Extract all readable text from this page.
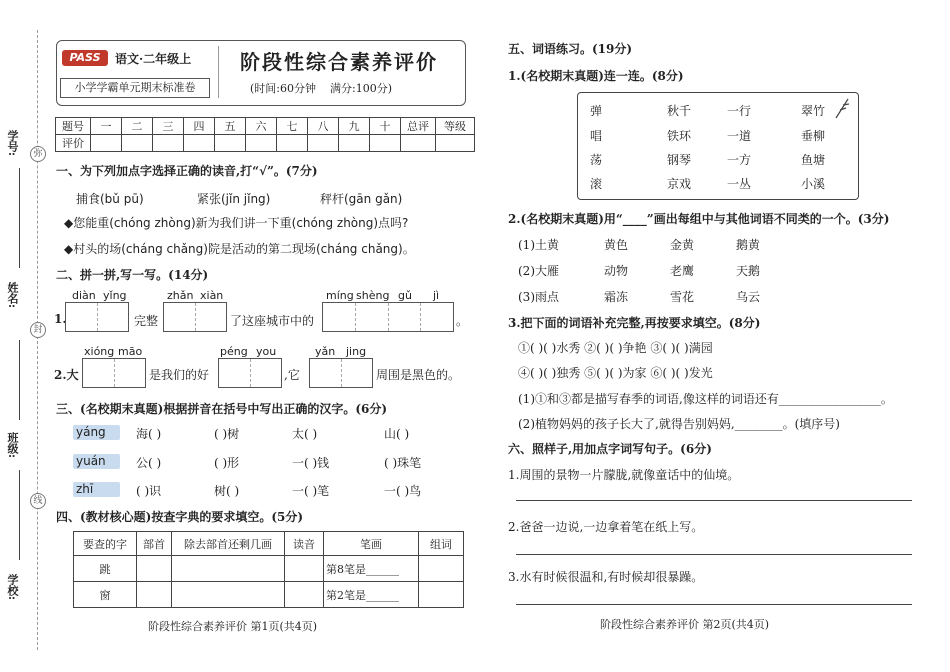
学号:
姓名:
班级:
学校:
弥
封
线
PASS	语文·二年级上
小学学霸单元期末标准卷
阶段性综合素养评价
(时间:60分钟 满分:100分)
题号	一	二	三	四	五	六	七	八	九	十	总评	等级
评价												
一、为下列加点字选择正确的读音,打“√”。(7分)
捕食(bǔ pū)	紧张(jǐn jǐng)	秤杆(gān gǎn)
◆您能重(chóng zhòng)新为我们讲一下重(chóng zhòng)点吗?
◆村头的场(cháng chǎng)院是活动的第二现场(cháng chǎng)。
二、拼一拼,写一写。(14分)
diàn yǐng	zhǎn xiàn	míng shèng gǔ jì
1.	完整	了这座城市中的	。
xióng māo	péng you	yǎn jing
2.大	是我们的好	,它	周围是黑色的。
三、(名校期末真题)根据拼音在括号中写出正确的汉字。(6分)
yáng	海( )	( )树	太( )	山( )
yuán	公( )	( )形	一( )钱	( )珠笔
zhī	( )识	树( )	一( )笔	一( )鸟
四、(教材核心题)按查字典的要求填空。(5分)
要查的字	部首	除去部首还剩几画	读音	笔画	组词
跳				第8笔是______	
窗				第2笔是______	
阶段性综合素养评价 第1页(共4页)
五、词语练习。(19分)
1.(名校期末真题)连一连。(8分)
弹	秋千	一行	翠竹
唱	铁环	一道	垂柳
荡	钢琴	一方	鱼塘
滚	京戏	一丛	小溪
2.(名校期末真题)用“____”画出每组中与其他词语不同类的一个。(3分)
(1)土黄	黄色	金黄	鹅黄
(2)大雁	动物	老鹰	天鹅
(3)雨点	霜冻	雪花	乌云
3.把下面的词语补充完整,再按要求填空。(8分)
①( )( )水秀 ②( )( )争艳 ③( )( )满园
④( )( )独秀 ⑤( )( )为家 ⑥( )( )发光
(1)①和③都是描写春季的词语,像这样的词语还有_________________。
(2)植物妈妈的孩子长大了,就得告别妈妈,________。(填序号)
六、照样子,用加点字词写句子。(6分)
1.周围的景物一片朦胧,就像童话中的仙境。
2.爸爸一边说,一边拿着笔在纸上写。
3.水有时候很温和,有时候却很暴躁。
阶段性综合素养评价 第2页(共4页)
